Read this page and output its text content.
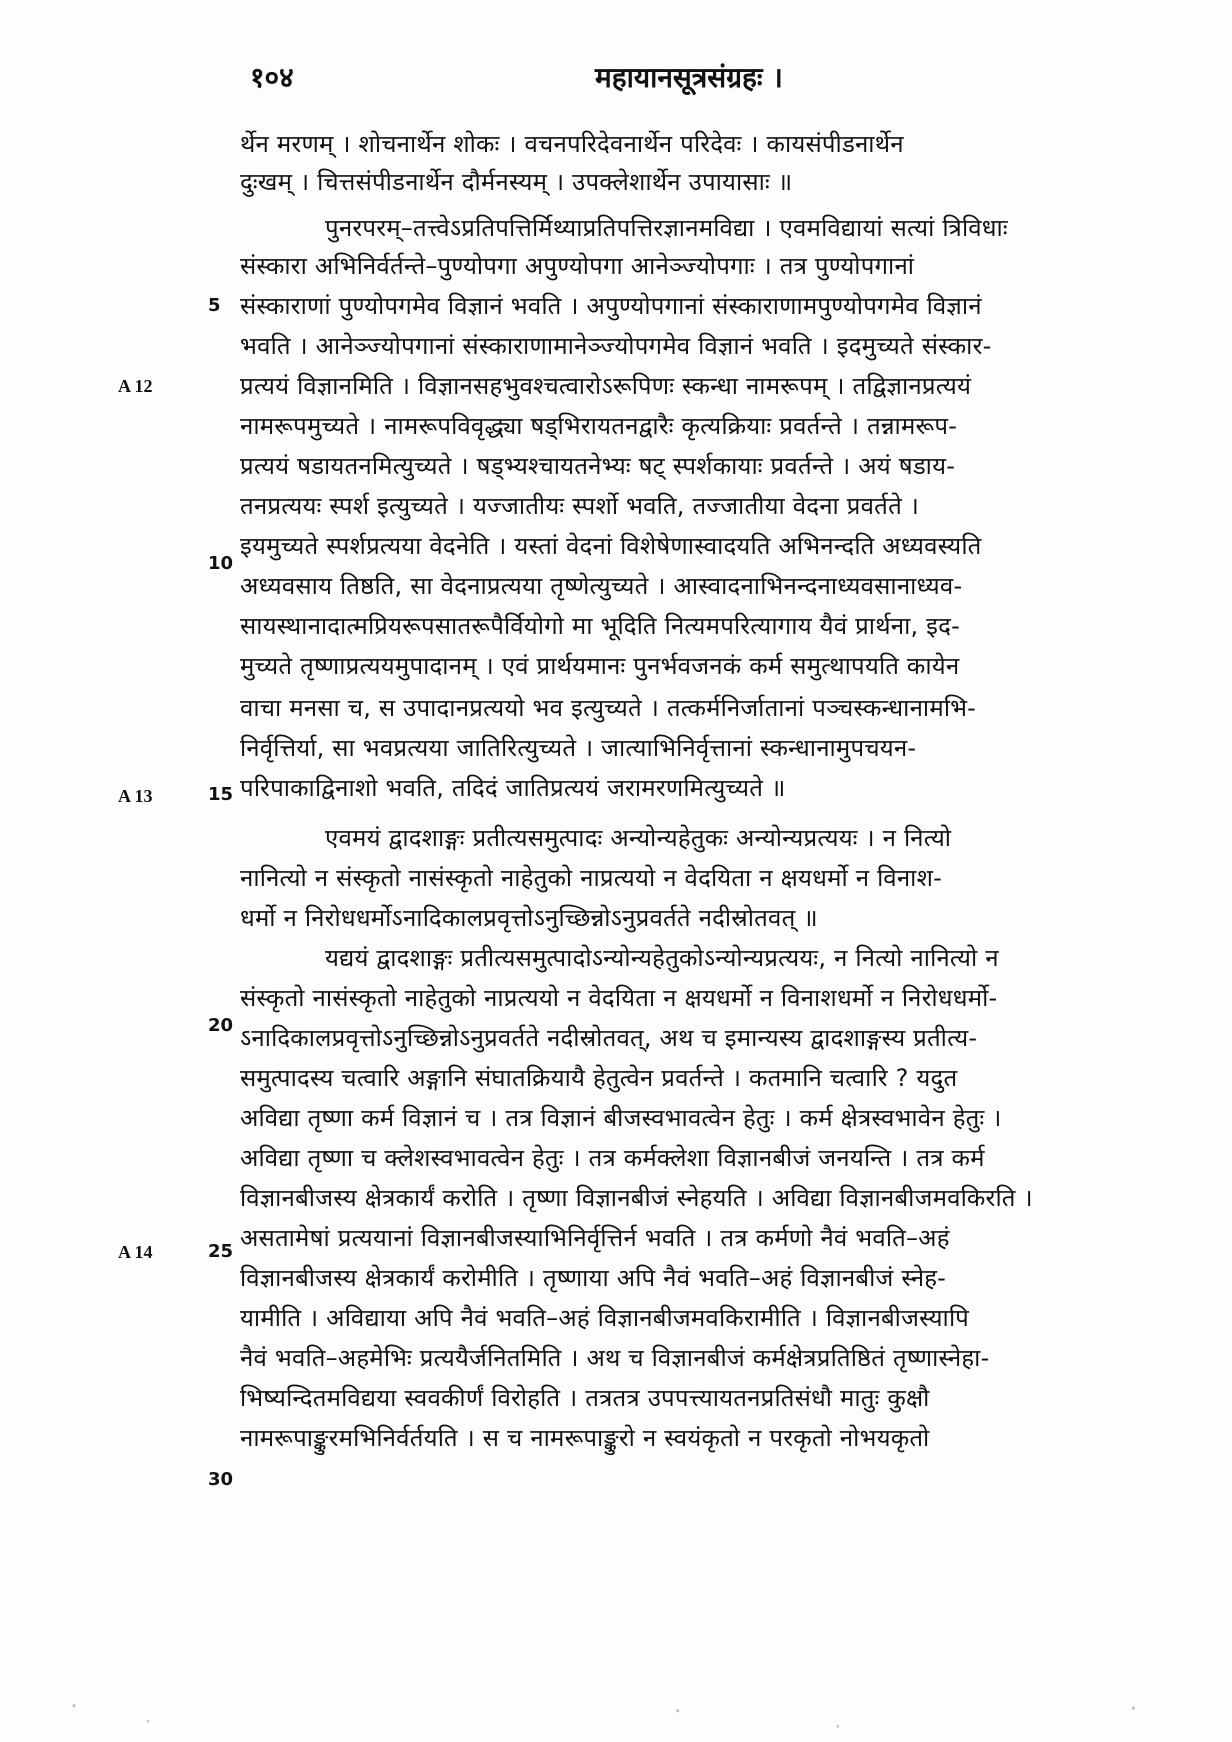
१०४	महायानसूत्रसंग्रहः ।
A 12
A 13
A 14
5
10
15
20
25
30
र्थेन मरणम् । शोचनार्थेन शोकः । वचनपरिदेवनार्थेन परिदेवः । कायसंपीडनार्थेन
दुःखम् । चित्तसंपीडनार्थेन दौर्मनस्यम् । उपक्लेशार्थेन उपायासाः ॥
पुनरपरम्–तत्त्वेऽप्रतिपत्तिर्मिथ्याप्रतिपत्तिरज्ञानमविद्या । एवमविद्यायां सत्यां त्रिविधाः
संस्कारा अभिनिर्वर्तन्ते–पुण्योपगा अपुण्योपगा आनेञ्ज्योपगाः । तत्र पुण्योपगानां
संस्काराणां पुण्योपगमेव विज्ञानं भवति । अपुण्योपगानां संस्काराणामपुण्योपगमेव विज्ञानं
भवति । आनेञ्ज्योपगानां संस्काराणामानेञ्ज्योपगमेव विज्ञानं भवति । इदमुच्यते संस्कार-
प्रत्ययं विज्ञानमिति । विज्ञानसहभुवश्चत्वारोऽरूपिणः स्कन्धा नामरूपम् । तद्विज्ञानप्रत्ययं
नामरूपमुच्यते । नामरूपविवृद्ध्या षड्भिरायतनद्वारैः कृत्यक्रियाः प्रवर्तन्ते । तन्नामरूप-
प्रत्ययं षडायतनमित्युच्यते । षड्भ्यश्चायतनेभ्यः षट् स्पर्शकायाः प्रवर्तन्ते । अयं षडाय-
तनप्रत्ययः स्पर्श इत्युच्यते । यज्जातीयः स्पर्शो भवति, तज्जातीया वेदना प्रवर्तते ।
इयमुच्यते स्पर्शप्रत्यया वेदनेति । यस्तां वेदनां विशेषेणास्वादयति अभिनन्दति अध्यवस्यति
अध्यवसाय तिष्ठति, सा वेदनाप्रत्यया तृष्णेत्युच्यते । आस्वादनाभिनन्दनाध्यवसानाध्यव-
सायस्थानादात्मप्रियरूपसातरूपैर्वियोगो मा भूदिति नित्यमपरित्यागाय यैवं प्रार्थना, इद-
मुच्यते तृष्णाप्रत्ययमुपादानम् । एवं प्रार्थयमानः पुनर्भवजनकं कर्म समुत्थापयति कायेन
वाचा मनसा च, स उपादानप्रत्ययो भव इत्युच्यते । तत्कर्मनिर्जातानां पञ्चस्कन्धानामभि-
निर्वृत्तिर्या, सा भवप्रत्यया जातिरित्युच्यते । जात्याभिनिर्वृत्तानां स्कन्धानामुपचयन-
परिपाकाद्विनाशो भवति, तदिदं जातिप्रत्ययं जरामरणमित्युच्यते ॥
एवमयं द्वादशाङ्गः प्रतीत्यसमुत्पादः अन्योन्यहेतुकः अन्योन्यप्रत्ययः । न नित्यो
नानित्यो न संस्कृतो नासंस्कृतो नाहेतुको नाप्रत्ययो न वेदयिता न क्षयधर्मो न विनाश-
धर्मो न निरोधधर्मोऽनादिकालप्रवृत्तोऽनुच्छिन्नोऽनुप्रवर्तते नदीस्रोतवत् ॥
यद्ययं द्वादशाङ्गः प्रतीत्यसमुत्पादोऽन्योन्यहेतुकोऽन्योन्यप्रत्ययः, न नित्यो नानित्यो न
संस्कृतो नासंस्कृतो नाहेतुको नाप्रत्ययो न वेदयिता न क्षयधर्मो न विनाशधर्मो न निरोधधर्मो-
ऽनादिकालप्रवृत्तोऽनुच्छिन्नोऽनुप्रवर्तते नदीस्रोतवत्, अथ च इमान्यस्य द्वादशाङ्गस्य प्रतीत्य-
समुत्पादस्य चत्वारि अङ्गानि संघातक्रियायै हेतुत्वेन प्रवर्तन्ते । कतमानि चत्वारि ? यदुत
अविद्या तृष्णा कर्म विज्ञानं च । तत्र विज्ञानं बीजस्वभावत्वेन हेतुः । कर्म क्षेत्रस्वभावेन हेतुः ।
अविद्या तृष्णा च क्लेशस्वभावत्वेन हेतुः । तत्र कर्मक्लेशा विज्ञानबीजं जनयन्ति । तत्र कर्म
विज्ञानबीजस्य क्षेत्रकार्यं करोति । तृष्णा विज्ञानबीजं स्नेहयति । अविद्या विज्ञानबीजमवकिरति ।
असतामेषां प्रत्ययानां विज्ञानबीजस्याभिनिर्वृत्तिर्न भवति । तत्र कर्मणो नैवं भवति–अहं
विज्ञानबीजस्य क्षेत्रकार्यं करोमीति । तृष्णाया अपि नैवं भवति–अहं विज्ञानबीजं स्नेह-
यामीति । अविद्याया अपि नैवं भवति–अहं विज्ञानबीजमवकिरामीति । विज्ञानबीजस्यापि
नैवं भवति–अहमेभिः प्रत्ययैर्जनितमिति । अथ च विज्ञानबीजं कर्मक्षेत्रप्रतिष्ठितं तृष्णास्नेहा-
भिष्यन्दितमविद्यया स्ववकीर्णं विरोहति । तत्रतत्र उपपत्त्यायतनप्रतिसंधौ मातुः कुक्षौ
नामरूपाङ्कुरमभिनिर्वर्तयति । स च नामरूपाङ्कुरो न स्वयंकृतो न परकृतो नोभयकृतो
